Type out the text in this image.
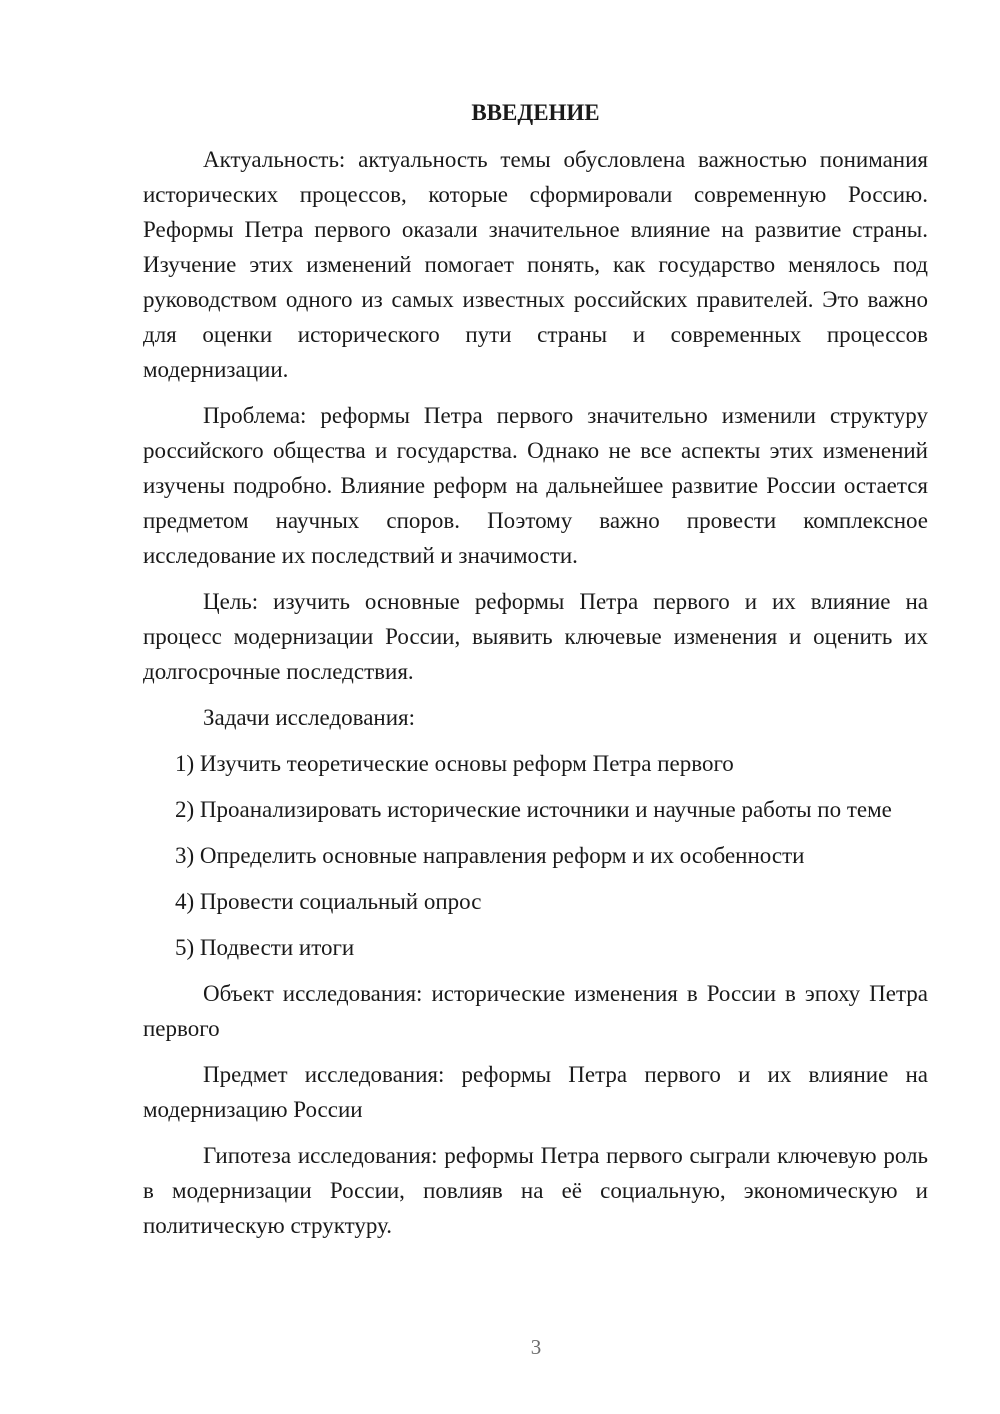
ВВЕДЕНИЕ

Актуальность: актуальность темы обусловлена важностью понимания исторических процессов, которые сформировали современную Россию. Реформы Петра первого оказали значительное влияние на развитие страны. Изучение этих изменений помогает понять, как государство менялось под руководством одного из самых известных российских правителей. Это важно для оценки исторического пути страны и современных процессов модернизации.

Проблема: реформы Петра первого значительно изменили структуру российского общества и государства. Однако не все аспекты этих изменений изучены подробно. Влияние реформ на дальнейшее развитие России остается предметом научных споров. Поэтому важно провести комплексное исследование их последствий и значимости.

Цель: изучить основные реформы Петра первого и их влияние на процесс модернизации России, выявить ключевые изменения и оценить их долгосрочные последствия.

Задачи исследования:

1) Изучить теоретические основы реформ Петра первого

2) Проанализировать исторические источники и научные работы по теме

3) Определить основные направления реформ и их особенности

4) Провести социальный опрос

5) Подвести итоги

Объект исследования: исторические изменения в России в эпоху Петра первого

Предмет исследования: реформы Петра первого и их влияние на модернизацию России

Гипотеза исследования: реформы Петра первого сыграли ключевую роль в модернизации России, повлияв на её социальную, экономическую и политическую структуру.

3
